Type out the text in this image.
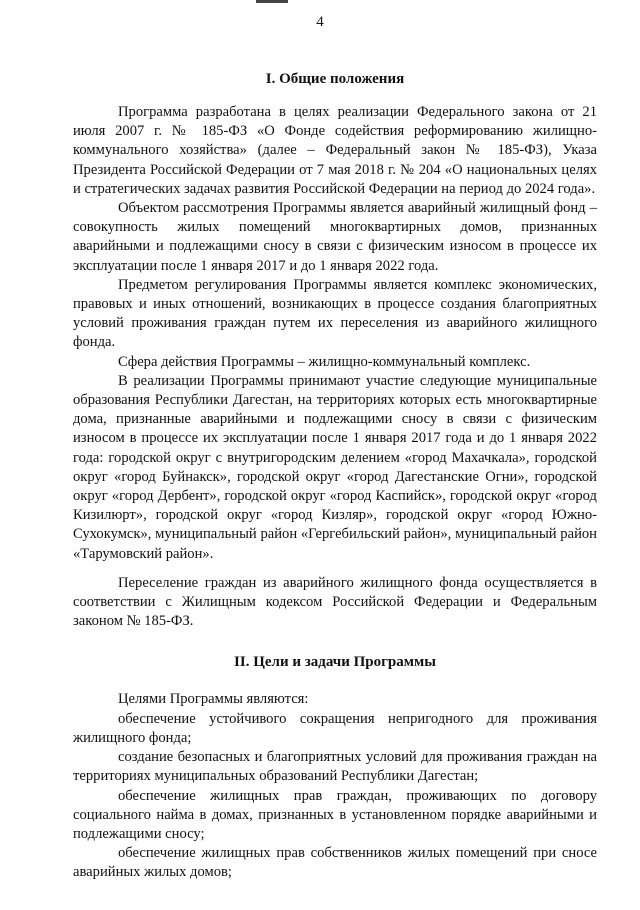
4
I. Общие положения

Программа разработана в целях реализации Федерального закона от 21 июля 2007 г. № 185-ФЗ «О Фонде содействия реформированию жилищно-коммунального хозяйства» (далее – Федеральный закон № 185-ФЗ), Указа Президента Российской Федерации от 7 мая 2018 г. № 204 «О национальных целях и стратегических задачах развития Российской Федерации на период до 2024 года».

Объектом рассмотрения Программы является аварийный жилищный фонд – совокупность жилых помещений многоквартирных домов, признанных аварийными и подлежащими сносу в связи с физическим износом в процессе их эксплуатации после 1 января 2017 и до 1 января 2022 года.

Предметом регулирования Программы является комплекс экономических, правовых и иных отношений, возникающих в процессе создания благоприятных условий проживания граждан путем их переселения из аварийного жилищного фонда.

Сфера действия Программы – жилищно-коммунальный комплекс.

В реализации Программы принимают участие следующие муниципальные образования Республики Дагестан, на территориях которых есть многоквартирные дома, признанные аварийными и подлежащими сносу в связи с физическим износом в процессе их эксплуатации после 1 января 2017 года и до 1 января 2022 года: городской округ с внутригородским делением «город Махачкала», городской округ «город Буйнакск», городской округ «город Дагестанские Огни», городской округ «город Дербент», городской округ «город Каспийск», городской округ «город Кизилюрт», городской округ «город Кизляр», городской округ «город Южно-Сухокумск», муниципальный район «Гергебильский район», муниципальный район «Тарумовский район».

Переселение граждан из аварийного жилищного фонда осуществляется в соответствии с Жилищным кодексом Российской Федерации и Федеральным законом № 185-ФЗ.

II. Цели и задачи Программы

Целями Программы являются:

обеспечение устойчивого сокращения непригодного для проживания жилищного фонда;

создание безопасных и благоприятных условий для проживания граждан на территориях муниципальных образований Республики Дагестан;

обеспечение жилищных прав граждан, проживающих по договору социального найма в домах, признанных в установленном порядке аварийными и подлежащими сносу;

обеспечение жилищных прав собственников жилых помещений при сносе аварийных жилых домов;
